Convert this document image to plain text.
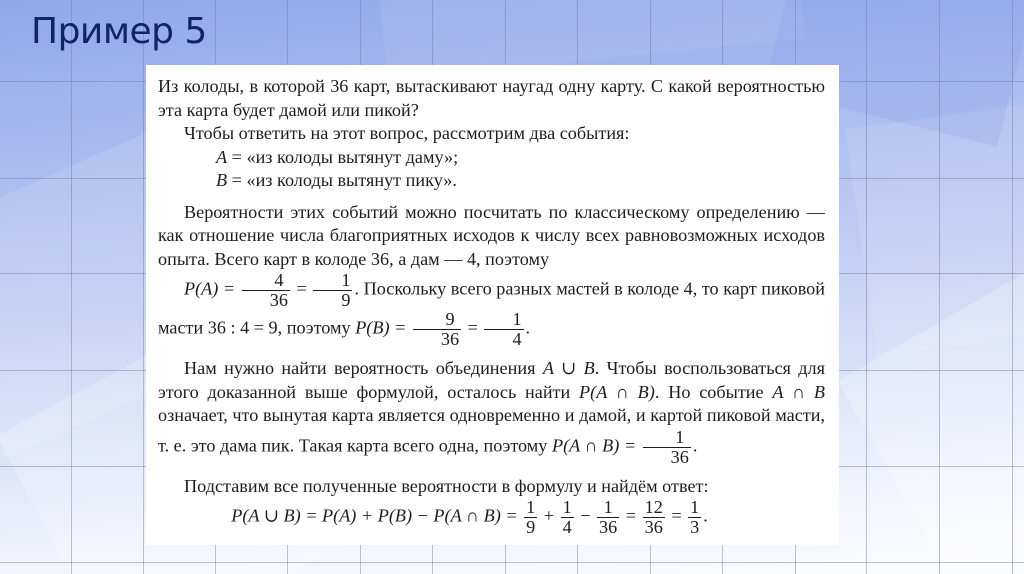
Пример 5

Из колоды, в которой 36 карт, вытаскивают наугад одну карту. С какой вероятностью эта карта будет дамой или пикой?

Чтобы ответить на этот вопрос, рассмотрим два события:

A = «из колоды вытянут даму»;

B = «из колоды вытянут пику».

Вероятности этих событий можно посчитать по классическому определению — как отношение числа благоприятных исходов к числу всех равновозможных исходов опыта. Всего карт в колоде 36, а дам — 4, поэтому
$P(A) = \frac{4}{36} = \frac{1}{9}$ . Поскольку всего разных мастей в колоде 4, то карт пиковой масти 36 : 4 = 9, поэтому $P(B) = \frac{9}{36} = \frac{1}{4}$ .

Нам нужно найти вероятность объединения A ∪ B. Чтобы воспользоваться для этого доказанной выше формулой, осталось найти P(A ∩ B). Но событие A ∩ B означает, что вынутая карта является одновременно и дамой, и картой пиковой масти, т. е. это дама пик. Такая карта всего одна, поэтому P(A ∩ $B) = \frac{1}{36}$ .

Подставим все полученные вероятности в формулу и найдём ответ:

P(A ∪ B) = P(A) + P(B) − P(A ∩ $B) = \frac{1}{9} + \frac{1}{4} - \frac{1}{36} = \frac{12}{36} = \frac{1}{3}$ .
